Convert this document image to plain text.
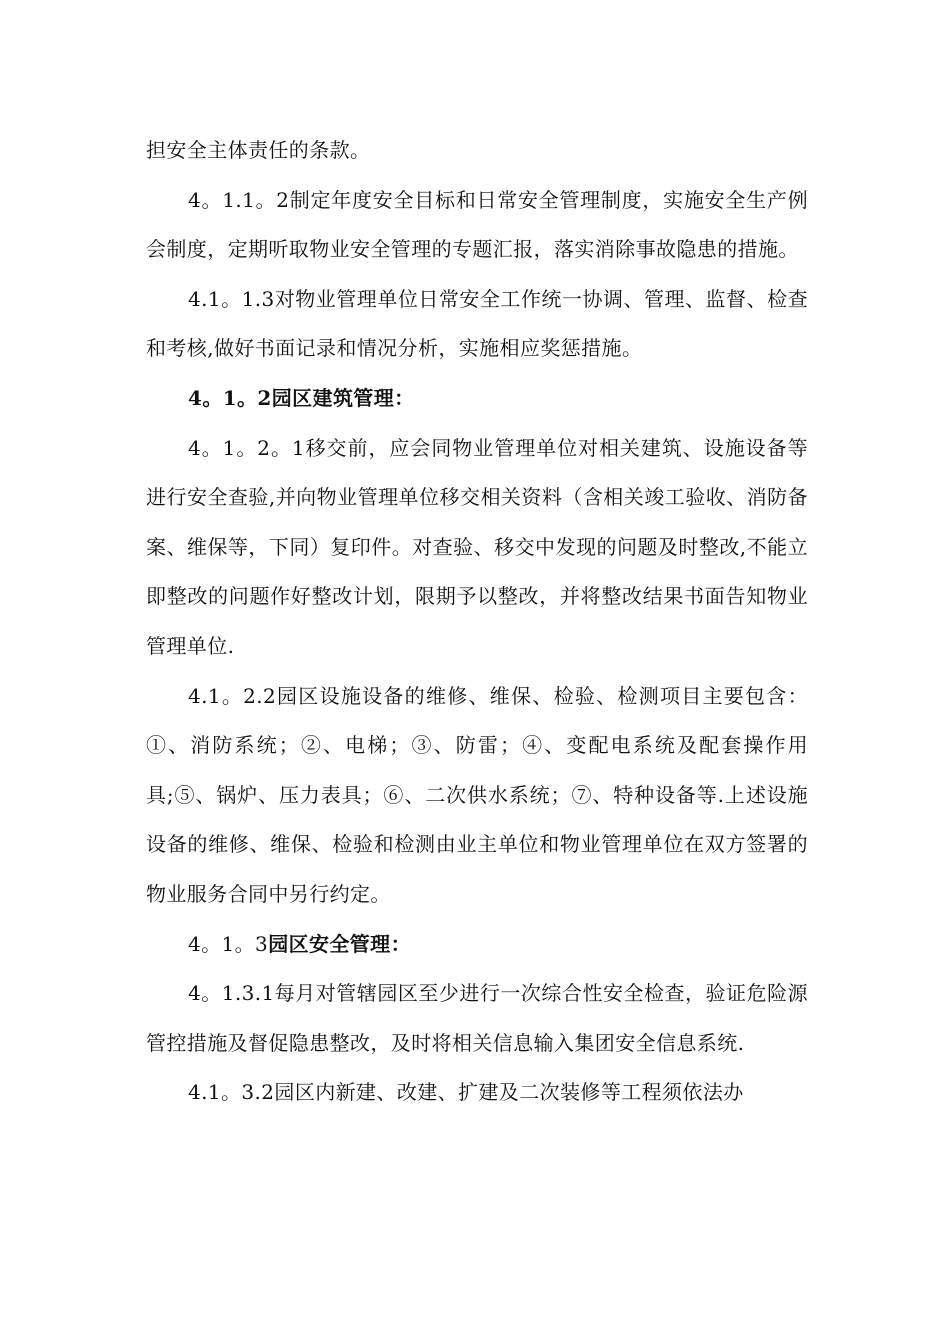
担安全主体责任的条款。

4。1.1。2制定年度安全目标和日常安全管理制度，实施安全生产例会制度，定期听取物业安全管理的专题汇报，落实消除事故隐患的措施。

4.1。1.3对物业管理单位日常安全工作统一协调、管理、监督、检查和考核,做好书面记录和情况分析，实施相应奖惩措施。

4。1。2园区建筑管理：

4。1。2。1移交前，应会同物业管理单位对相关建筑、设施设备等进行安全查验,并向物业管理单位移交相关资料（含相关竣工验收、消防备案、维保等，下同）复印件。对查验、移交中发现的问题及时整改,不能立即整改的问题作好整改计划，限期予以整改，并将整改结果书面告知物业管理单位.

4.1。2.2园区设施设备的维修、维保、检验、检测项目主要包含：①、消防系统；②、电梯；③、防雷；④、变配电系统及配套操作用具;⑤、锅炉、压力表具；⑥、二次供水系统；⑦、特种设备等.上述设施设备的维修、维保、检验和检测由业主单位和物业管理单位在双方签署的物业服务合同中另行约定。

4。1。3园区安全管理：

4。1.3.1每月对管辖园区至少进行一次综合性安全检查，验证危险源管控措施及督促隐患整改，及时将相关信息输入集团安全信息系统.

4.1。3.2园区内新建、改建、扩建及二次装修等工程须依法办
